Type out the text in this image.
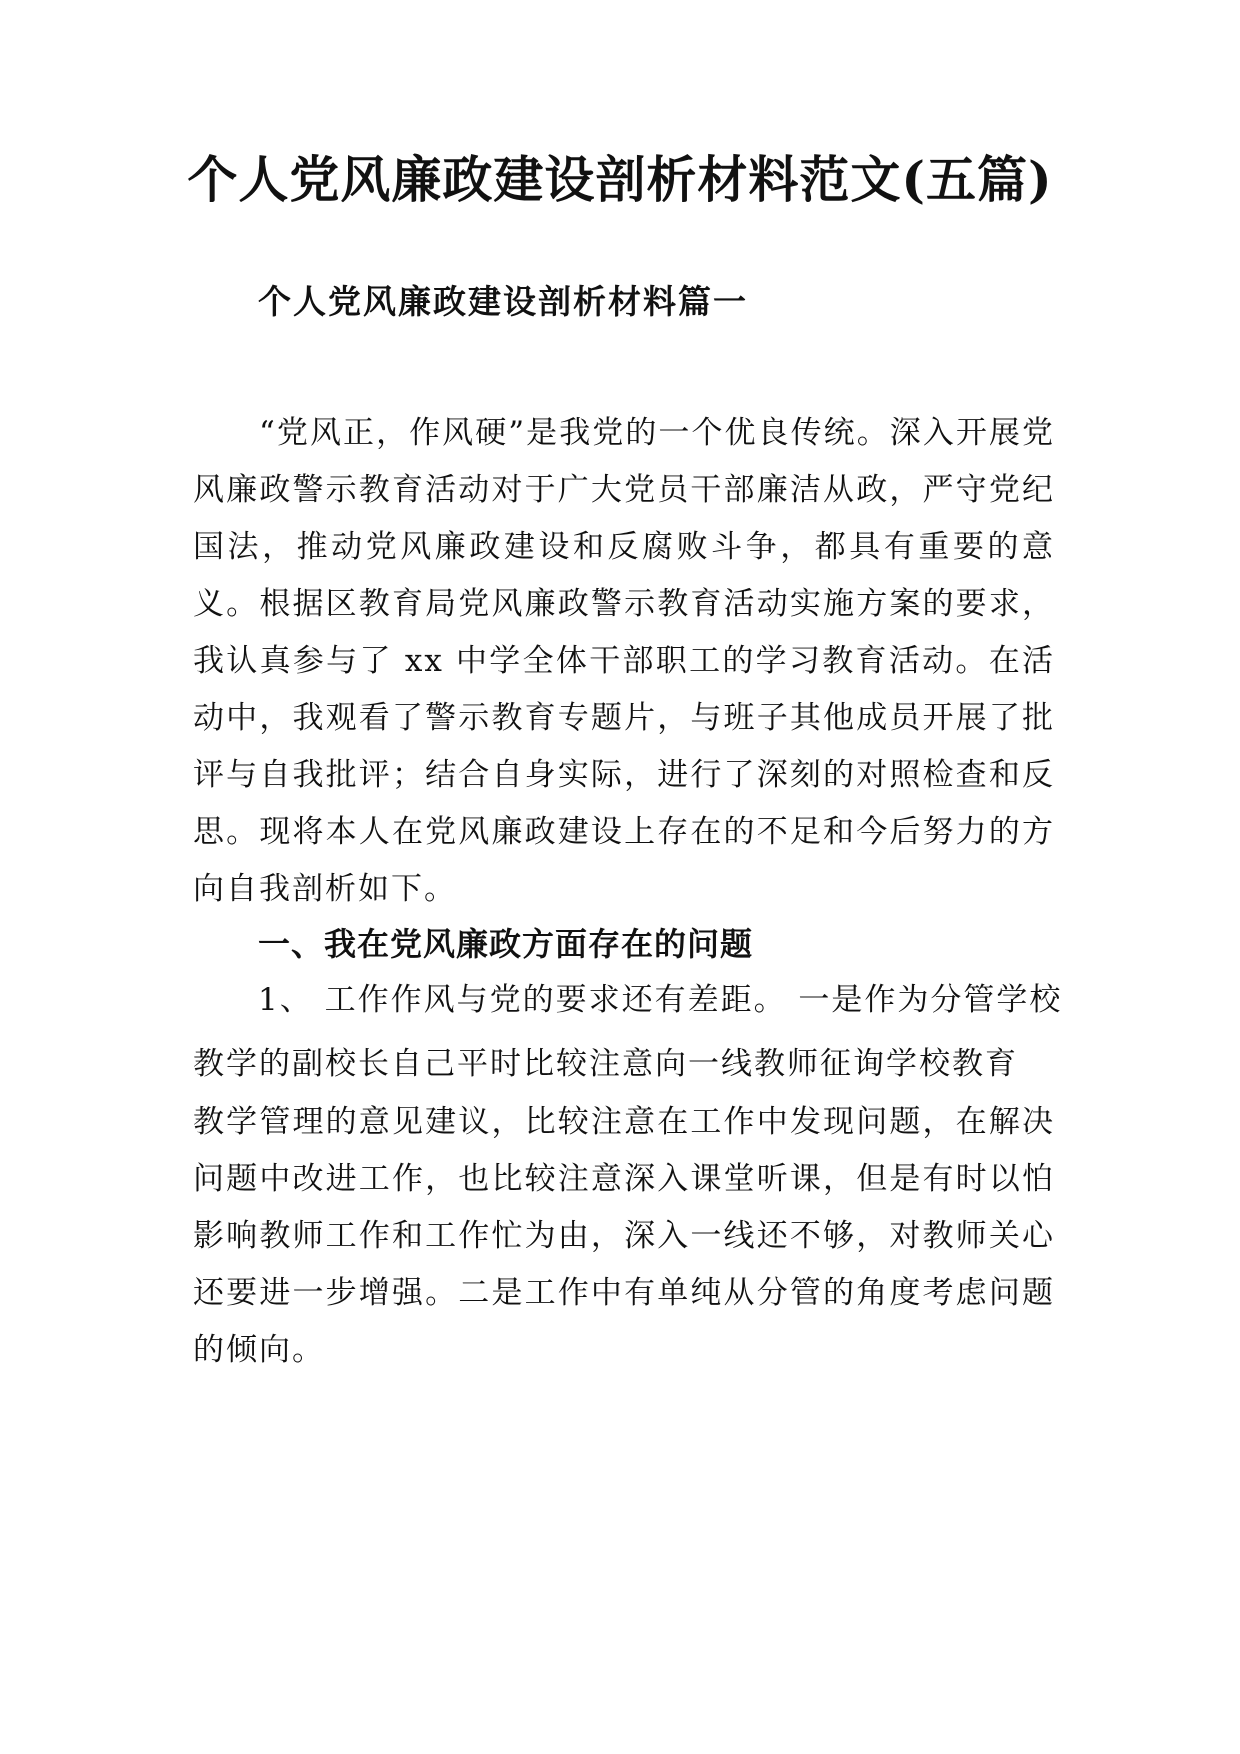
个人党风廉政建设剖析材料范文(五篇)
个人党风廉政建设剖析材料篇一

“党风正，作风硬”是我党的一个优良传统。深入开展党风廉政警示教育活动对于广大党员干部廉洁从政，严守党纪国法，推动党风廉政建设和反腐败斗争，都具有重要的意义。根据区教育局党风廉政警示教育活动实施方案的要求，我认真参与了 xx 中学全体干部职工的学习教育活动。在活动中，我观看了警示教育专题片，与班子其他成员开展了批评与自我批评；结合自身实际，进行了深刻的对照检查和反思。现将本人在党风廉政建设上存在的不足和今后努力的方向自我剖析如下。

一、我在党风廉政方面存在的问题

1、 工作作风与党的要求还有差距。 一是作为分管学校

教学的副校长自己平时比较注意向一线教师征询学校教育

教学管理的意见建议，比较注意在工作中发现问题，在解决问题中改进工作，也比较注意深入课堂听课，但是有时以怕影响教师工作和工作忙为由，深入一线还不够，对教师关心还要进一步增强。二是工作中有单纯从分管的角度考虑问题的倾向。
